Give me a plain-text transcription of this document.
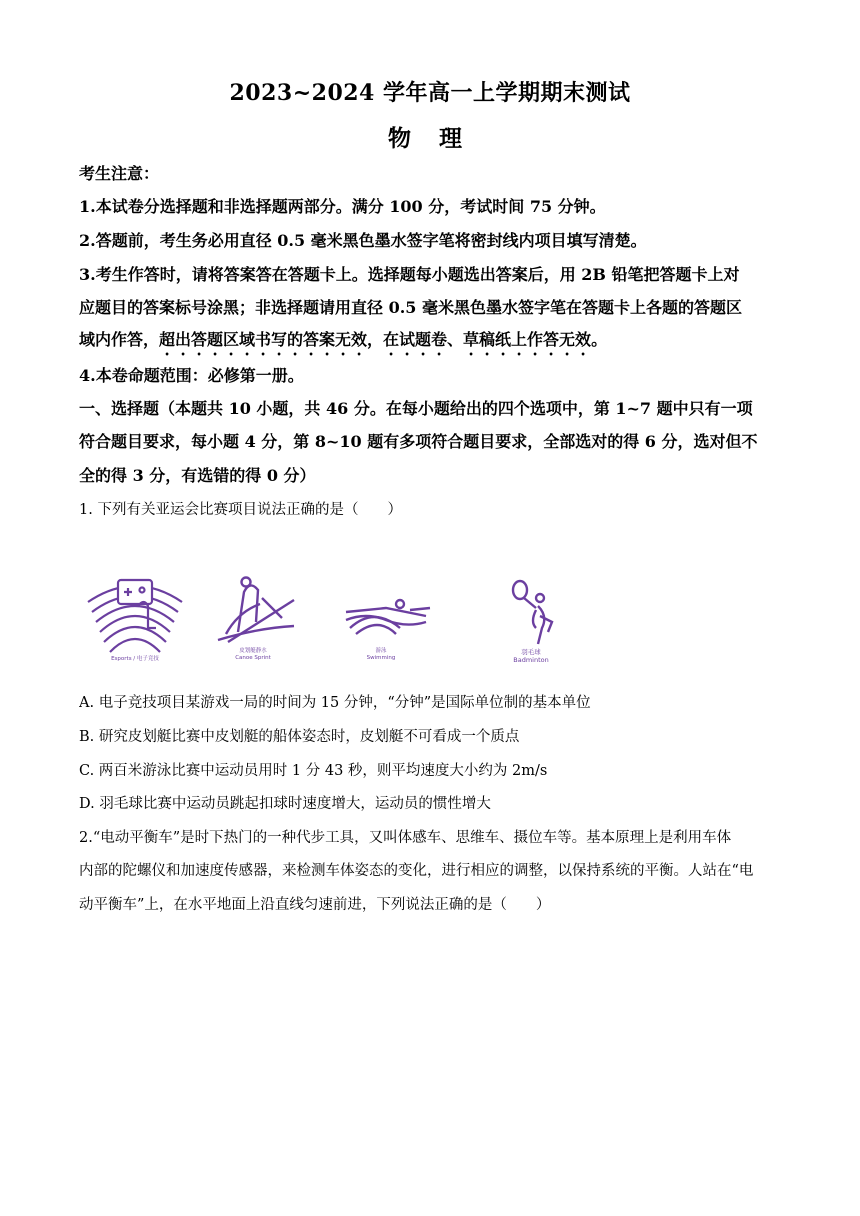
2023~2024 学年高一上学期期末测试
物 理
考生注意：
1.本试卷分选择题和非选择题两部分。满分 100 分，考试时间 75 分钟。
2.答题前，考生务必用直径 0.5 毫米黑色墨水签字笔将密封线内项目填写清楚。
3.考生作答时，请将答案答在答题卡上。选择题每小题选出答案后，用 2B 铅笔把答题卡上对
应题目的答案标号涂黑；非选择题请用直径 0.5 毫米黑色墨水签字笔在答题卡上各题的答题区
域内作答，超出答题区域书写的答案无效，在试题卷、草稿纸上作答无效。
4.本卷命题范围：必修第一册。
一、选择题（本题共 10 小题，共 46 分。在每小题给出的四个选项中，第 1~7 题中只有一项
符合题目要求，每小题 4 分，第 8~10 题有多项符合题目要求，全部选对的得 6 分，选对但不
全的得 3 分，有选错的得 0 分）
1. 下列有关亚运会比赛项目说法正确的是（　　）
Esports / 电子竞技
皮划艇静水
Canoe Sprint
游泳
Swimming
羽毛球
Badminton
A. 电子竞技项目某游戏一局的时间为 15 分钟，“分钟”是国际单位制的基本单位
B. 研究皮划艇比赛中皮划艇的船体姿态时，皮划艇不可看成一个质点
C. 两百米游泳比赛中运动员用时 1 分 43 秒，则平均速度大小约为 2m/s
D. 羽毛球比赛中运动员跳起扣球时速度增大，运动员的惯性增大
2.“电动平衡车”是时下热门的一种代步工具，又叫体感车、思维车、摄位车等。基本原理上是利用车体
内部的陀螺仪和加速度传感器，来检测车体姿态的变化，进行相应的调整，以保持系统的平衡。人站在“电
动平衡车”上，在水平地面上沿直线匀速前进，下列说法正确的是（　　）
